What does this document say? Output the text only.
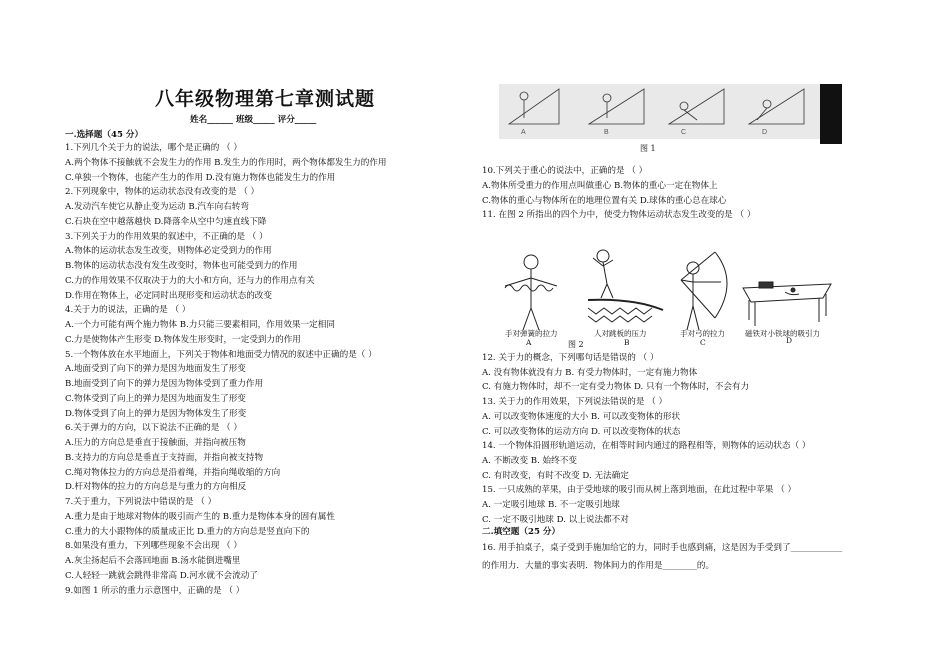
八年级物理第七章测试题
姓名______ 班级_____ 评分_____
一.选择题（45 分）
1.下列几个关于力的说法，哪个是正确的 （ ）
A.两个物体不接触就不会发生力的作用 B.发生力的作用时，两个物体都发生力的作用
C.单独一个物体，也能产生力的作用 D.没有施力物体也能发生力的作用
2.下列现象中，物体的运动状态没有改变的是 （ ）
A.发动汽车使它从静止变为运动 B.汽车向右转弯
C.石块在空中越落越快 D.降落伞从空中匀速直线下降
3.下列关于力的作用效果的叙述中，不正确的是 （ ）
A.物体的运动状态发生改变，则物体必定受到力的作用
B.物体的运动状态没有发生改变时，物体也可能受到力的作用
C.力的作用效果不仅取决于力的大小和方向，还与力的作用点有关
D.作用在物体上，必定同时出现形变和运动状态的改变
4.关于力的说法，正确的是 （ ）
A.一个力可能有两个施力物体 B.力只能三要素相同，作用效果一定相同
C.力是使物体产生形变 D.物体发生形变时，一定受到力的作用
5.一个物体放在水平地面上，下列关于物体和地面受力情况的叙述中正确的是（ ）
A.地面受到了向下的弹力是因为地面发生了形变
B.地面受到了向下的弹力是因为物体受到了重力作用
C.物体受到了向上的弹力是因为地面发生了形变
D.物体受到了向上的弹力是因为物体发生了形变
6.关于弹力的方向，以下说法不正确的是 （ ）
A.压力的方向总是垂直于接触面，并指向被压物
B.支持力的方向总是垂直于支持面，并指向被支持物
C.绳对物体拉力的方向总是沿着绳，并指向绳收缩的方向
D.杆对物体的拉力的方向总是与重力的方向相反
7.关于重力，下列说法中错误的是 （ ）
A.重力是由于地球对物体的吸引而产生的 B.重力是物体本身的固有属性
C.重力的大小跟物体的质量成正比 D.重力的方向总是竖直向下的
8.如果没有重力，下列哪些现象不会出现 （ ）
A.灰尘扬起后不会落回地面 B.汤水能倒进嘴里
C.人轻轻一跳就会跳得非常高 D.河水就不会流动了
9.如图 1 所示的重力示意图中，正确的是 （ ）
A	B	C	D
图 1
10.下列关于重心的说法中，正确的是 （ ）
A.物体所受重力的作用点叫做重心 B.物体的重心一定在物体上
C.物体的重心与物体所在的地理位置有关 D.球体的重心总在球心
11. 在图 2 所指出的四个力中，使受力物体运动状态发生改变的是 （ ）
手对弹簧的拉力	人对跳板的压力	手对弓的拉力	磁铁对小铁球的吸引力
A	B	C	D
图 2
12. 关于力的概念，下列哪句话是错误的 （ ）
A. 没有物体就没有力 B. 有受力物体时，一定有施力物体
C. 有施力物体时，却不一定有受力物体 D. 只有一个物体时，不会有力
13. 关于力的作用效果，下列说法错误的是 （ ）
A. 可以改变物体速度的大小 B. 可以改变物体的形状
C. 可以改变物体的运动方向 D. 可以改变物体的状态
14. 一个物体沿圆形轨道运动，在相等时间内通过的路程相等，则物体的运动状态（ ）
A. 不断改变 B. 始终不变
C. 有时改变，有时不改变 D. 无法确定
15. 一只成熟的苹果，由于受地球的吸引而从树上落到地面，在此过程中苹果 （ ）
A. 一定吸引地球 B. 不一定吸引地球
C. 一定不吸引地球 D. 以上说法都不对
二.填空题（25 分）
16. 用手拍桌子，桌子受到手施加给它的力，同时手也感到痛，这是因为手受到了____________
的作用力．大量的事实表明．物体间力的作用是________的。
